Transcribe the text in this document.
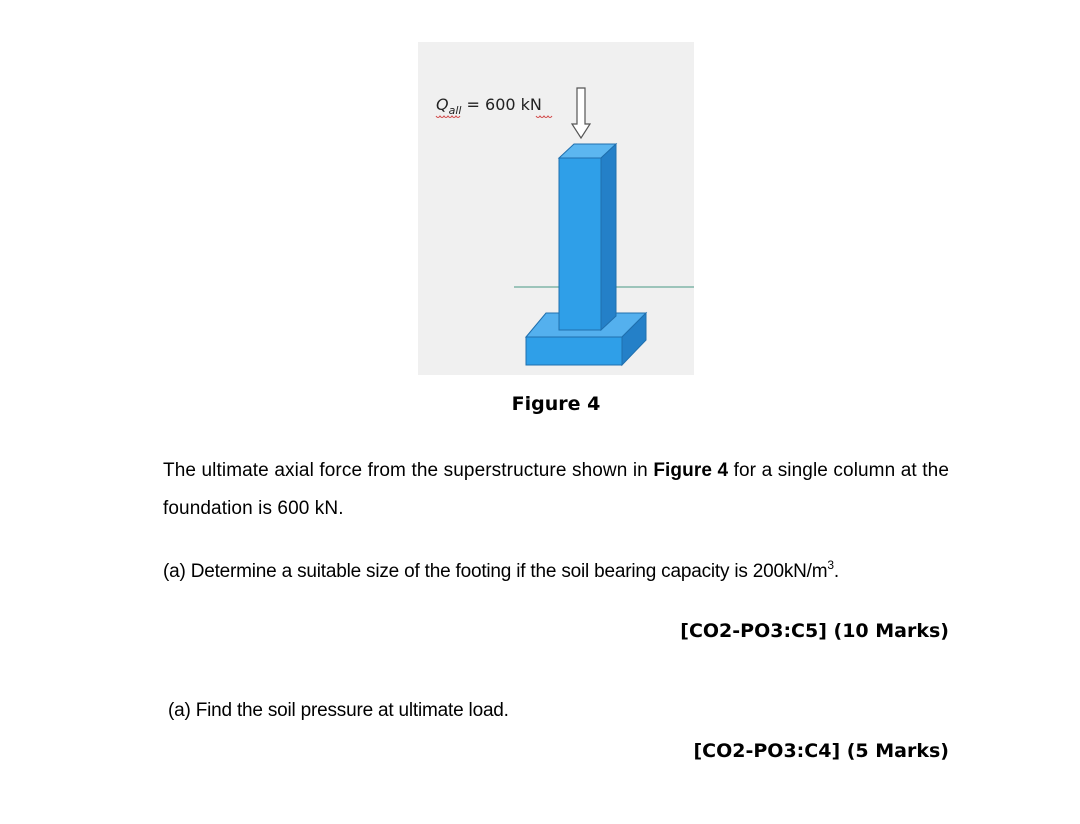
$Q_{all} = 600$ kN
Figure 4
The ultimate axial force from the superstructure shown in Figure 4 for a single column at the foundation is 600 kN.
(a) Determine a suitable size of the footing if the soil bearing capacity is $200kN/m^3$.
[CO2-PO3:C5] (10 Marks)
(a) Find the soil pressure at ultimate load.
[CO2-PO3:C4] (5 Marks)
